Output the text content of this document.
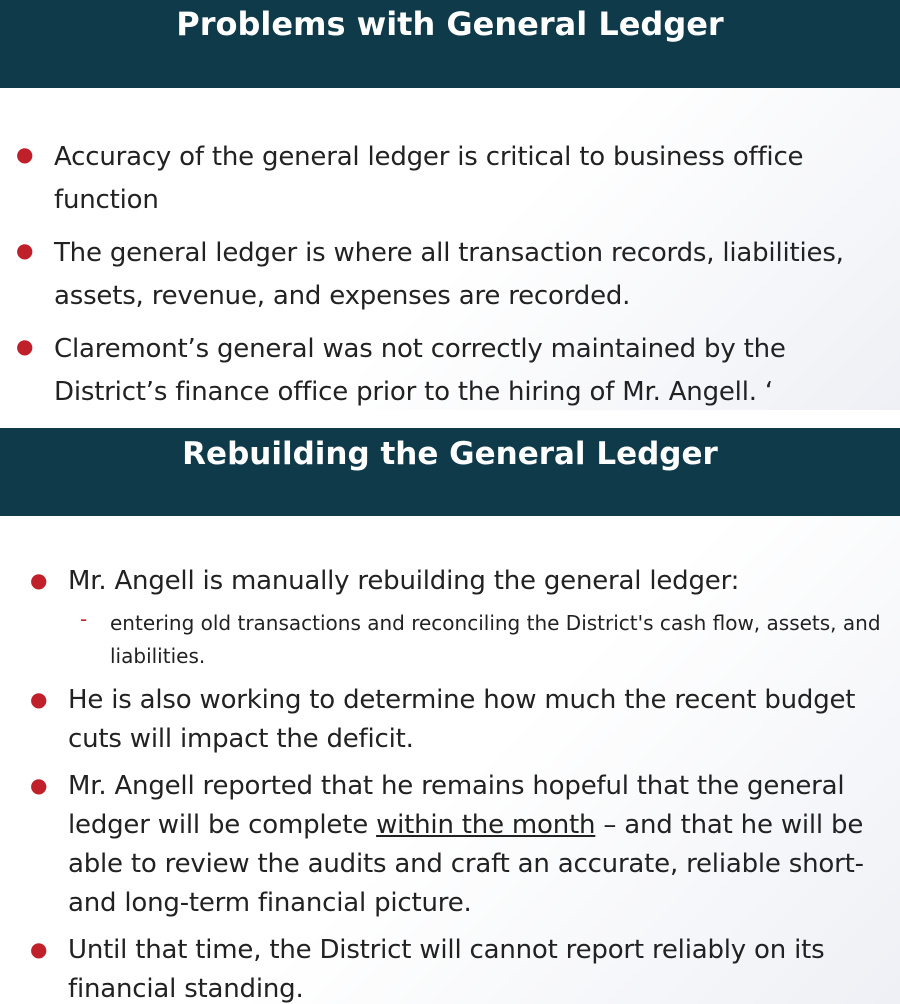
Problems with General Ledger
● Accuracy of the general ledger is critical to business office function
● The general ledger is where all transaction records, liabilities, assets, revenue, and expenses are recorded.
● Claremont’s general was not correctly maintained by the District’s finance office prior to the hiring of Mr. Angell. ‘
Rebuilding the General Ledger
● Mr. Angell is manually rebuilding the general ledger:
- entering old transactions and reconciling the District's cash flow, assets, and liabilities.
● He is also working to determine how much the recent budget cuts will impact the deficit.
● Mr. Angell reported that he remains hopeful that the general ledger will be complete within the month – and that he will be able to review the audits and craft an accurate, reliable short- and long-term financial picture.
● Until that time, the District will cannot report reliably on its financial standing.
